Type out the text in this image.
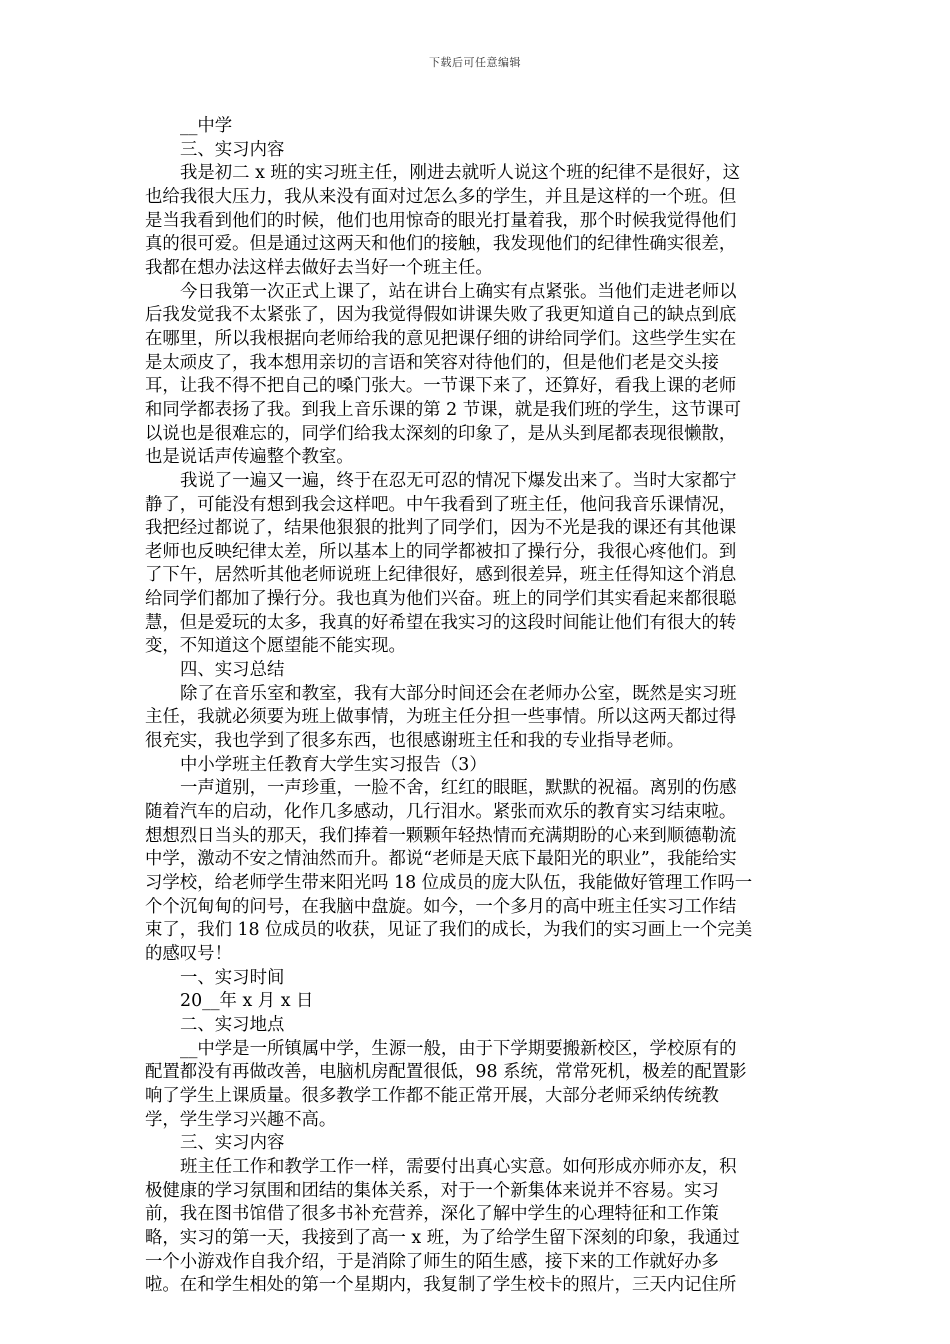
下载后可任意编辑
__中学
三、实习内容
我是初二 x 班的实习班主任，刚进去就听人说这个班的纪律不是很好，这
也给我很大压力，我从来没有面对过怎么多的学生，并且是这样的一个班。但
是当我看到他们的时候，他们也用惊奇的眼光打量着我，那个时候我觉得他们
真的很可爱。但是通过这两天和他们的接触，我发现他们的纪律性确实很差，
我都在想办法这样去做好去当好一个班主任。
今日我第一次正式上课了，站在讲台上确实有点紧张。当他们走进老师以
后我发觉我不太紧张了，因为我觉得假如讲课失败了我更知道自己的缺点到底
在哪里，所以我根据向老师给我的意见把课仔细的讲给同学们。这些学生实在
是太顽皮了，我本想用亲切的言语和笑容对待他们的，但是他们老是交头接
耳，让我不得不把自己的嗓门张大。一节课下来了，还算好，看我上课的老师
和同学都表扬了我。到我上音乐课的第 2 节课，就是我们班的学生，这节课可
以说也是很难忘的，同学们给我太深刻的印象了，是从头到尾都表现很懒散，
也是说话声传遍整个教室。
我说了一遍又一遍，终于在忍无可忍的情况下爆发出来了。当时大家都宁
静了，可能没有想到我会这样吧。中午我看到了班主任，他问我音乐课情况，
我把经过都说了，结果他狠狠的批判了同学们，因为不光是我的课还有其他课
老师也反映纪律太差，所以基本上的同学都被扣了操行分，我很心疼他们。到
了下午，居然听其他老师说班上纪律很好，感到很差异，班主任得知这个消息
给同学们都加了操行分。我也真为他们兴奋。班上的同学们其实看起来都很聪
慧，但是爱玩的太多，我真的好希望在我实习的这段时间能让他们有很大的转
变，不知道这个愿望能不能实现。
四、实习总结
除了在音乐室和教室，我有大部分时间还会在老师办公室，既然是实习班
主任，我就必须要为班上做事情，为班主任分担一些事情。所以这两天都过得
很充实，我也学到了很多东西，也很感谢班主任和我的专业指导老师。
中小学班主任教育大学生实习报告（3）
一声道别，一声珍重，一脸不舍，红红的眼眶，默默的祝福。离别的伤感
随着汽车的启动，化作几多感动，几行泪水。紧张而欢乐的教育实习结束啦。
想想烈日当头的那天，我们捧着一颗颗年轻热情而充满期盼的心来到顺德勒流
中学，激动不安之情油然而升。都说“老师是天底下最阳光的职业”，我能给实
习学校，给老师学生带来阳光吗 18 位成员的庞大队伍，我能做好管理工作吗一
个个沉甸甸的问号，在我脑中盘旋。如今，一个多月的高中班主任实习工作结
束了，我们 18 位成员的收获，见证了我们的成长，为我们的实习画上一个完美
的感叹号！
一、实习时间
20__年 x 月 x 日
二、实习地点
__中学是一所镇属中学，生源一般，由于下学期要搬新校区，学校原有的
配置都没有再做改善，电脑机房配置很低，98 系统，常常死机，极差的配置影
响了学生上课质量。很多教学工作都不能正常开展，大部分老师采纳传统教
学，学生学习兴趣不高。
三、实习内容
班主任工作和教学工作一样，需要付出真心实意。如何形成亦师亦友，积
极健康的学习氛围和团结的集体关系，对于一个新集体来说并不容易。实习
前，我在图书馆借了很多书补充营养，深化了解中学生的心理特征和工作策
略，实习的第一天，我接到了高一 x 班，为了给学生留下深刻的印象，我通过
一个小游戏作自我介绍，于是消除了师生的陌生感，接下来的工作就好办多
啦。在和学生相处的第一个星期内，我复制了学生校卡的照片，三天内记住所
